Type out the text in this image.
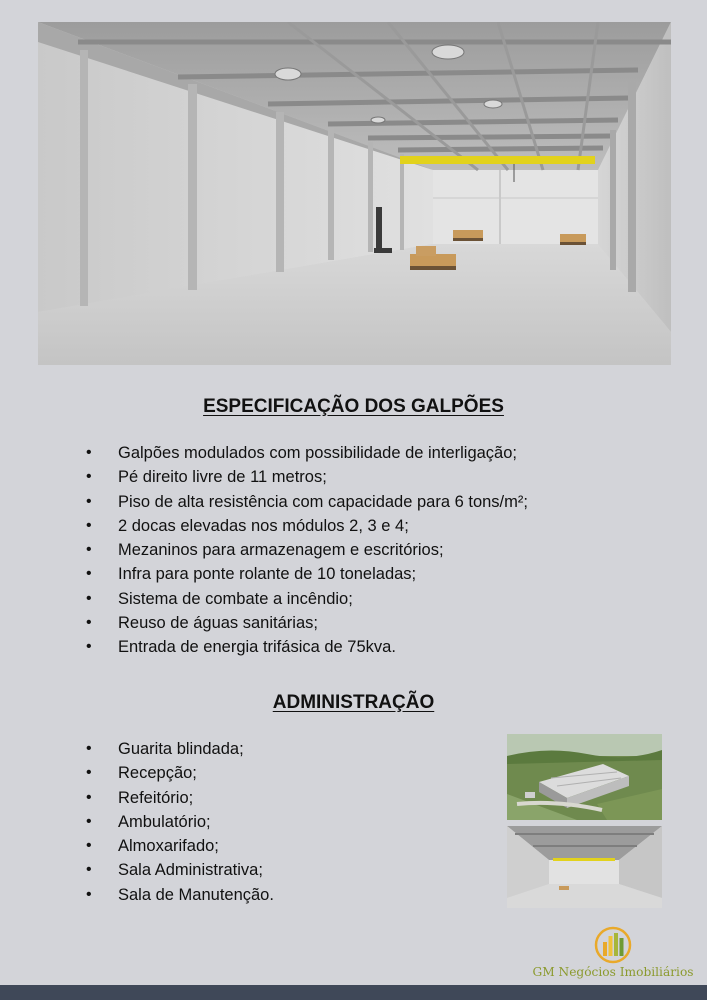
ESPECIFICAÇÃO DOS GALPÕES
• Galpões modulados com possibilidade de interligação;
• Pé direito livre de 11 metros;
• Piso de alta resistência com capacidade para 6 tons/m²;
• 2 docas elevadas nos módulos 2, 3 e 4;
• Mezaninos para armazenagem e escritórios;
• Infra para ponte rolante de 10 toneladas;
• Sistema de combate a incêndio;
• Reuso de águas sanitárias;
• Entrada de energia trifásica de 75kva.
ADMINISTRAÇÃO
• Guarita blindada;
• Recepção;
• Refeitório;
• Ambulatório;
• Almoxarifado;
• Sala Administrativa;
• Sala de Manutenção.
GM Negócios Imobiliários
